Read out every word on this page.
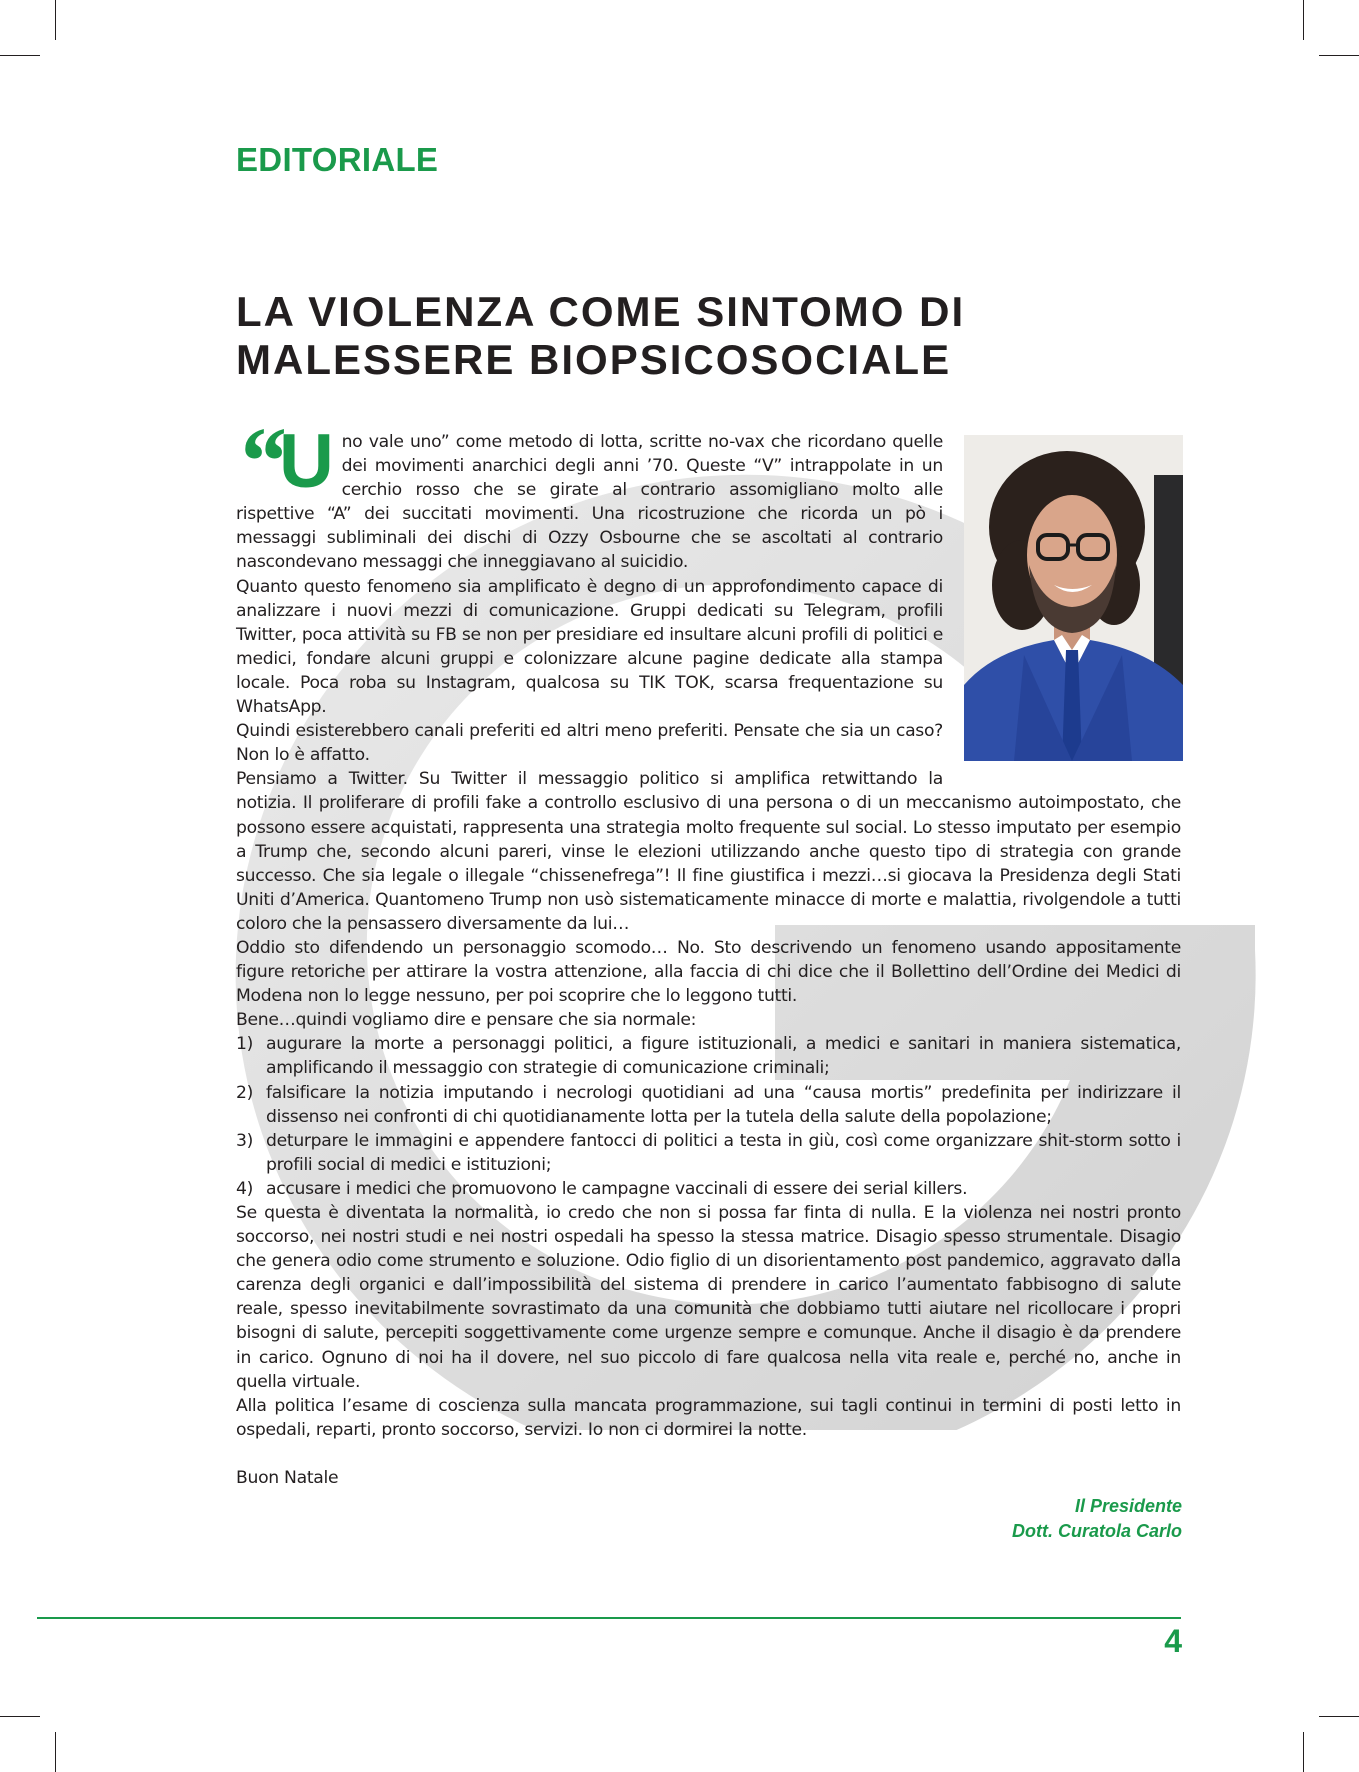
EDITORIALE
LA VIOLENZA COME SINTOMO DI
MALESSERE BIOPSICOSOCIALE

“U no vale uno” come metodo di lotta, scritte no-vax che ricordano quelle dei movimenti anarchici degli anni ’70. Queste “V” intrappolate in un cerchio rosso che se girate al contrario assomigliano molto alle rispettive “A” dei succitati movimenti. Una ricostruzione che ricorda un pò i messaggi subliminali dei dischi di Ozzy Osbourne che se ascoltati al contrario nascondevano messaggi che inneggiavano al suicidio.

Quanto questo fenomeno sia amplificato è degno di un approfondimento capace di analizzare i nuovi mezzi di comunicazione. Gruppi dedicati su Telegram, profili Twitter, poca attività su FB se non per presidiare ed insultare alcuni profili di politici e medici, fondare alcuni gruppi e colonizzare alcune pagine dedicate alla stampa locale. Poca roba su Instagram, qualcosa su TIK TOK, scarsa frequentazione su WhatsApp.

Quindi esisterebbero canali preferiti ed altri meno preferiti. Pensate che sia un caso? Non lo è affatto.

Pensiamo a Twitter. Su Twitter il messaggio politico si amplifica retwittando la notizia. Il proliferare di profili fake a controllo esclusivo di una persona o di un meccanismo autoimpostato, che possono essere acquistati, rappresenta una strategia molto frequente sul social. Lo stesso imputato per esempio a Trump che, secondo alcuni pareri, vinse le elezioni utilizzando anche questo tipo di strategia con grande successo. Che sia legale o illegale “chissenefrega”! Il fine giustifica i mezzi…si giocava la Presidenza degli Stati Uniti d’America. Quantomeno Trump non usò sistematicamente minacce di morte e malattia, rivolgendole a tutti coloro che la pensassero diversamente da lui…

Oddio sto difendendo un personaggio scomodo… No. Sto descrivendo un fenomeno usando appositamente figure retoriche per attirare la vostra attenzione, alla faccia di chi dice che il Bollettino dell’Ordine dei Medici di Modena non lo legge nessuno, per poi scoprire che lo leggono tutti.

Bene…quindi vogliamo dire e pensare che sia normale:

1) augurare la morte a personaggi politici, a figure istituzionali, a medici e sanitari in maniera sistematica, amplificando il messaggio con strategie di comunicazione criminali;
2) falsificare la notizia imputando i necrologi quotidiani ad una “causa mortis” predefinita per indirizzare il dissenso nei confronti di chi quotidianamente lotta per la tutela della salute della popolazione;
3) deturpare le immagini e appendere fantocci di politici a testa in giù, così come organizzare shit-storm sotto i profili social di medici e istituzioni;
4) accusare i medici che promuovono le campagne vaccinali di essere dei serial killers.

Se questa è diventata la normalità, io credo che non si possa far finta di nulla. E la violenza nei nostri pronto soccorso, nei nostri studi e nei nostri ospedali ha spesso la stessa matrice. Disagio spesso strumentale. Disagio che genera odio come strumento e soluzione. Odio figlio di un disorientamento post pandemico, aggravato dalla carenza degli organici e dall’impossibilità del sistema di prendere in carico l’aumentato fabbisogno di salute reale, spesso inevitabilmente sovrastimato da una comunità che dobbiamo tutti aiutare nel ricollocare i propri bisogni di salute, percepiti soggettivamente come urgenze sempre e comunque. Anche il disagio è da prendere in carico. Ognuno di noi ha il dovere, nel suo piccolo di fare qualcosa nella vita reale e, perché no, anche in quella virtuale.

Alla politica l’esame di coscienza sulla mancata programmazione, sui tagli continui in termini di posti letto in ospedali, reparti, pronto soccorso, servizi. Io non ci dormirei la notte.

Buon Natale

Il Presidente
Dott. Curatola Carlo
4
